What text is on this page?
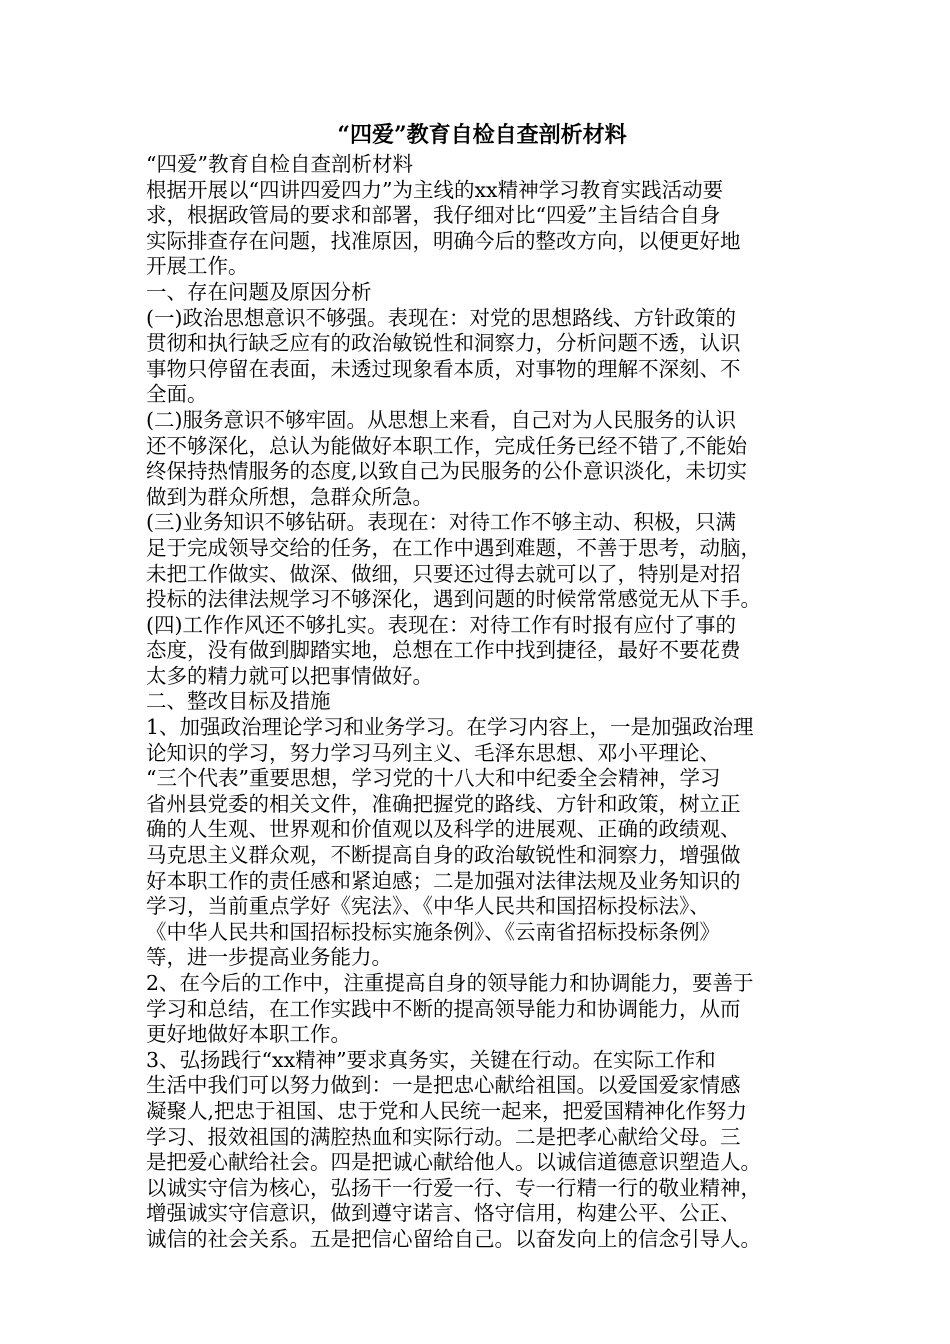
“四爱”教育自检自查剖析材料
“四爱”教育自检自查剖析材料
根据开展以“四讲四爱四力”为主线的xx精神学习教育实践活动要
求，根据政管局的要求和部署，我仔细对比“四爱”主旨结合自身
实际排查存在问题，找准原因，明确今后的整改方向，以便更好地
开展工作。
一、存在问题及原因分析
(一)政治思想意识不够强。表现在：对党的思想路线、方针政策的
贯彻和执行缺乏应有的政治敏锐性和洞察力，分析问题不透，认识
事物只停留在表面，未透过现象看本质，对事物的理解不深刻、不
全面。
(二)服务意识不够牢固。从思想上来看，自己对为人民服务的认识
还不够深化，总认为能做好本职工作，完成任务已经不错了,不能始
终保持热情服务的态度,以致自己为民服务的公仆意识淡化，未切实
做到为群众所想，急群众所急。
(三)业务知识不够钻研。表现在：对待工作不够主动、积极，只满
足于完成领导交给的任务，在工作中遇到难题，不善于思考，动脑，
未把工作做实、做深、做细，只要还过得去就可以了，特别是对招
投标的法律法规学习不够深化，遇到问题的时候常常感觉无从下手。
(四)工作作风还不够扎实。表现在：对待工作有时报有应付了事的
态度，没有做到脚踏实地，总想在工作中找到捷径，最好不要花费
太多的精力就可以把事情做好。
二、整改目标及措施
1、加强政治理论学习和业务学习。在学习内容上，一是加强政治理
论知识的学习，努力学习马列主义、毛泽东思想、邓小平理论、
“三个代表”重要思想，学习党的十八大和中纪委全会精神，学习
省州县党委的相关文件，准确把握党的路线、方针和政策，树立正
确的人生观、世界观和价值观以及科学的进展观、正确的政绩观、
马克思主义群众观，不断提高自身的政治敏锐性和洞察力，增强做
好本职工作的责任感和紧迫感；二是加强对法律法规及业务知识的
学习，当前重点学好《宪法》、《中华人民共和国招标投标法》、
《中华人民共和国招标投标实施条例》、《云南省招标投标条例》
等，进一步提高业务能力。
2、在今后的工作中，注重提高自身的领导能力和协调能力，要善于
学习和总结，在工作实践中不断的提高领导能力和协调能力，从而
更好地做好本职工作。
3、弘扬践行“xx精神”要求真务实，关键在行动。在实际工作和
生活中我们可以努力做到：一是把忠心献给祖国。以爱国爱家情感
凝聚人,把忠于祖国、忠于党和人民统一起来，把爱国精神化作努力
学习、报效祖国的满腔热血和实际行动。二是把孝心献给父母。三
是把爱心献给社会。四是把诚心献给他人。以诚信道德意识塑造人。
以诚实守信为核心，弘扬干一行爱一行、专一行精一行的敬业精神，
增强诚实守信意识，做到遵守诺言、恪守信用，构建公平、公正、
诚信的社会关系。五是把信心留给自己。以奋发向上的信念引导人。
